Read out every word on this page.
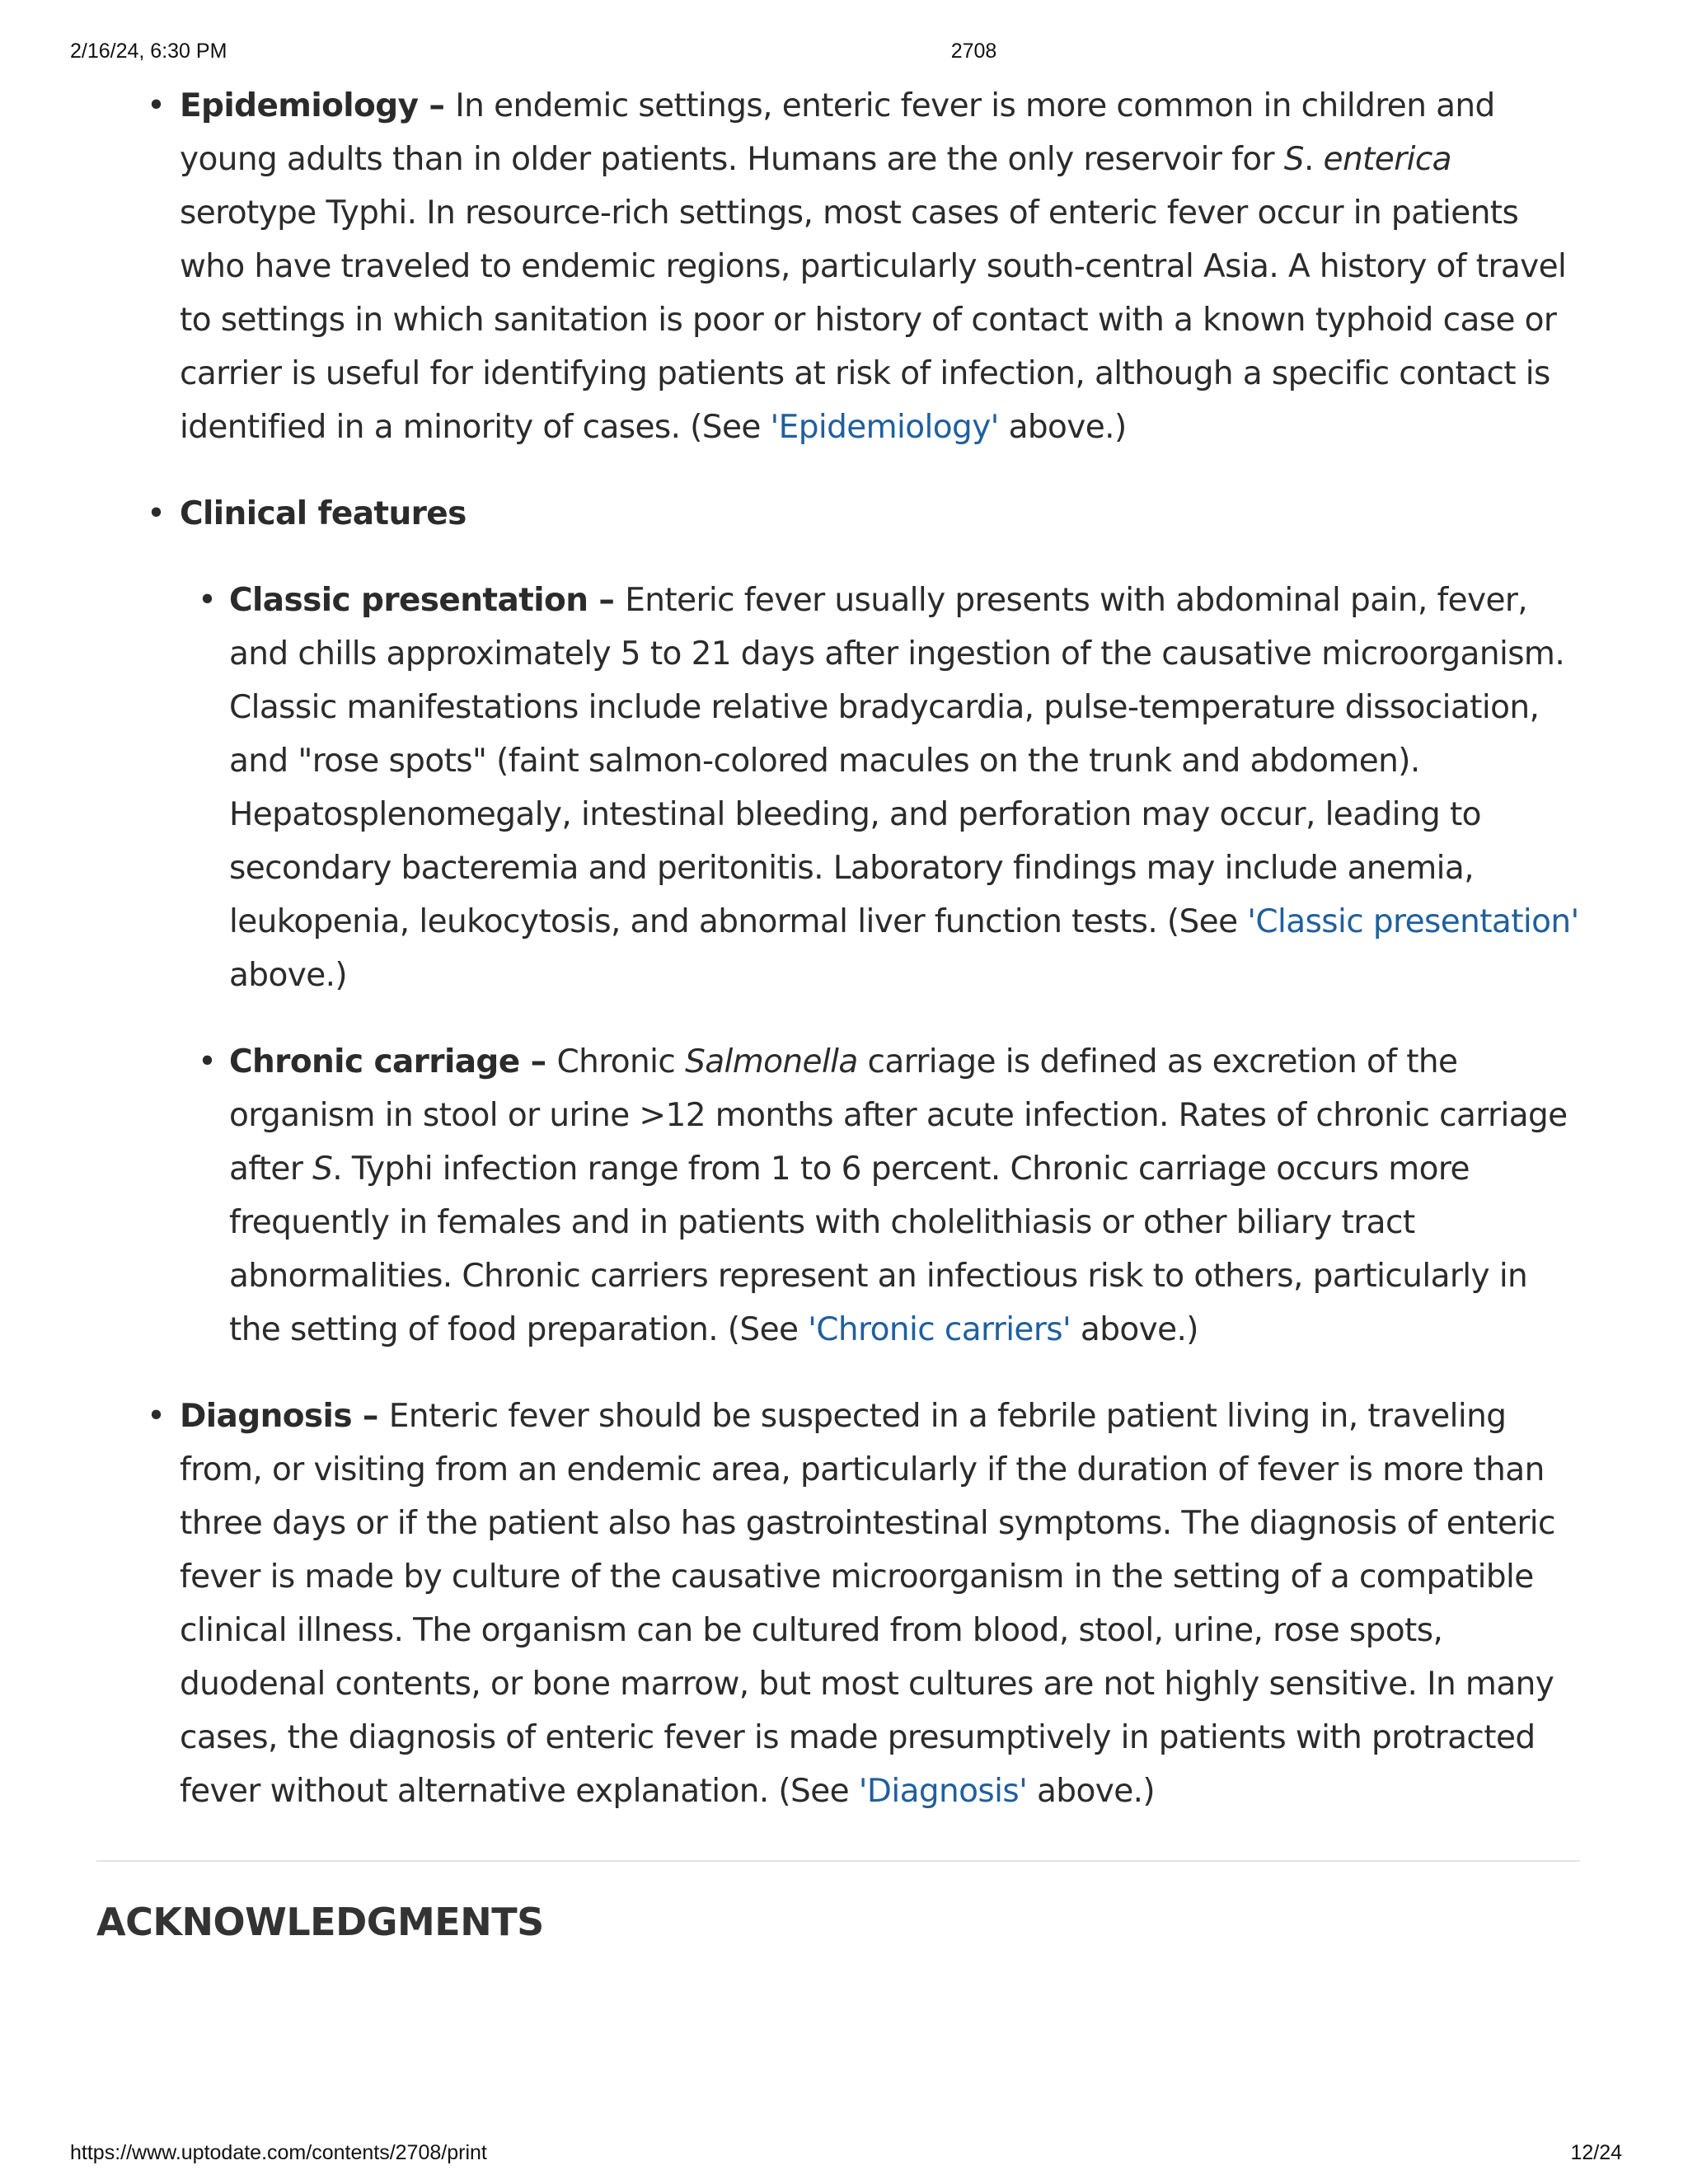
2/16/24, 6:30 PM	2708
• Epidemiology – In endemic settings, enteric fever is more common in children and young adults than in older patients. Humans are the only reservoir for S. enterica serotype Typhi. In resource-rich settings, most cases of enteric fever occur in patients who have traveled to endemic regions, particularly south-central Asia. A history of travel to settings in which sanitation is poor or history of contact with a known typhoid case or carrier is useful for identifying patients at risk of infection, although a specific contact is identified in a minority of cases. (See 'Epidemiology' above.)
• Clinical features
• Classic presentation – Enteric fever usually presents with abdominal pain, fever, and chills approximately 5 to 21 days after ingestion of the causative microorganism. Classic manifestations include relative bradycardia, pulse-temperature dissociation, and "rose spots" (faint salmon-colored macules on the trunk and abdomen). Hepatosplenomegaly, intestinal bleeding, and perforation may occur, leading to secondary bacteremia and peritonitis. Laboratory findings may include anemia, leukopenia, leukocytosis, and abnormal liver function tests. (See 'Classic presentation' above.)
• Chronic carriage – Chronic Salmonella carriage is defined as excretion of the organism in stool or urine >12 months after acute infection. Rates of chronic carriage after S. Typhi infection range from 1 to 6 percent. Chronic carriage occurs more frequently in females and in patients with cholelithiasis or other biliary tract abnormalities. Chronic carriers represent an infectious risk to others, particularly in the setting of food preparation. (See 'Chronic carriers' above.)
• Diagnosis – Enteric fever should be suspected in a febrile patient living in, traveling from, or visiting from an endemic area, particularly if the duration of fever is more than three days or if the patient also has gastrointestinal symptoms. The diagnosis of enteric fever is made by culture of the causative microorganism in the setting of a compatible clinical illness. The organism can be cultured from blood, stool, urine, rose spots, duodenal contents, or bone marrow, but most cultures are not highly sensitive. In many cases, the diagnosis of enteric fever is made presumptively in patients with protracted fever without alternative explanation. (See 'Diagnosis' above.)
ACKNOWLEDGMENTS
https://www.uptodate.com/contents/2708/print	12/24
